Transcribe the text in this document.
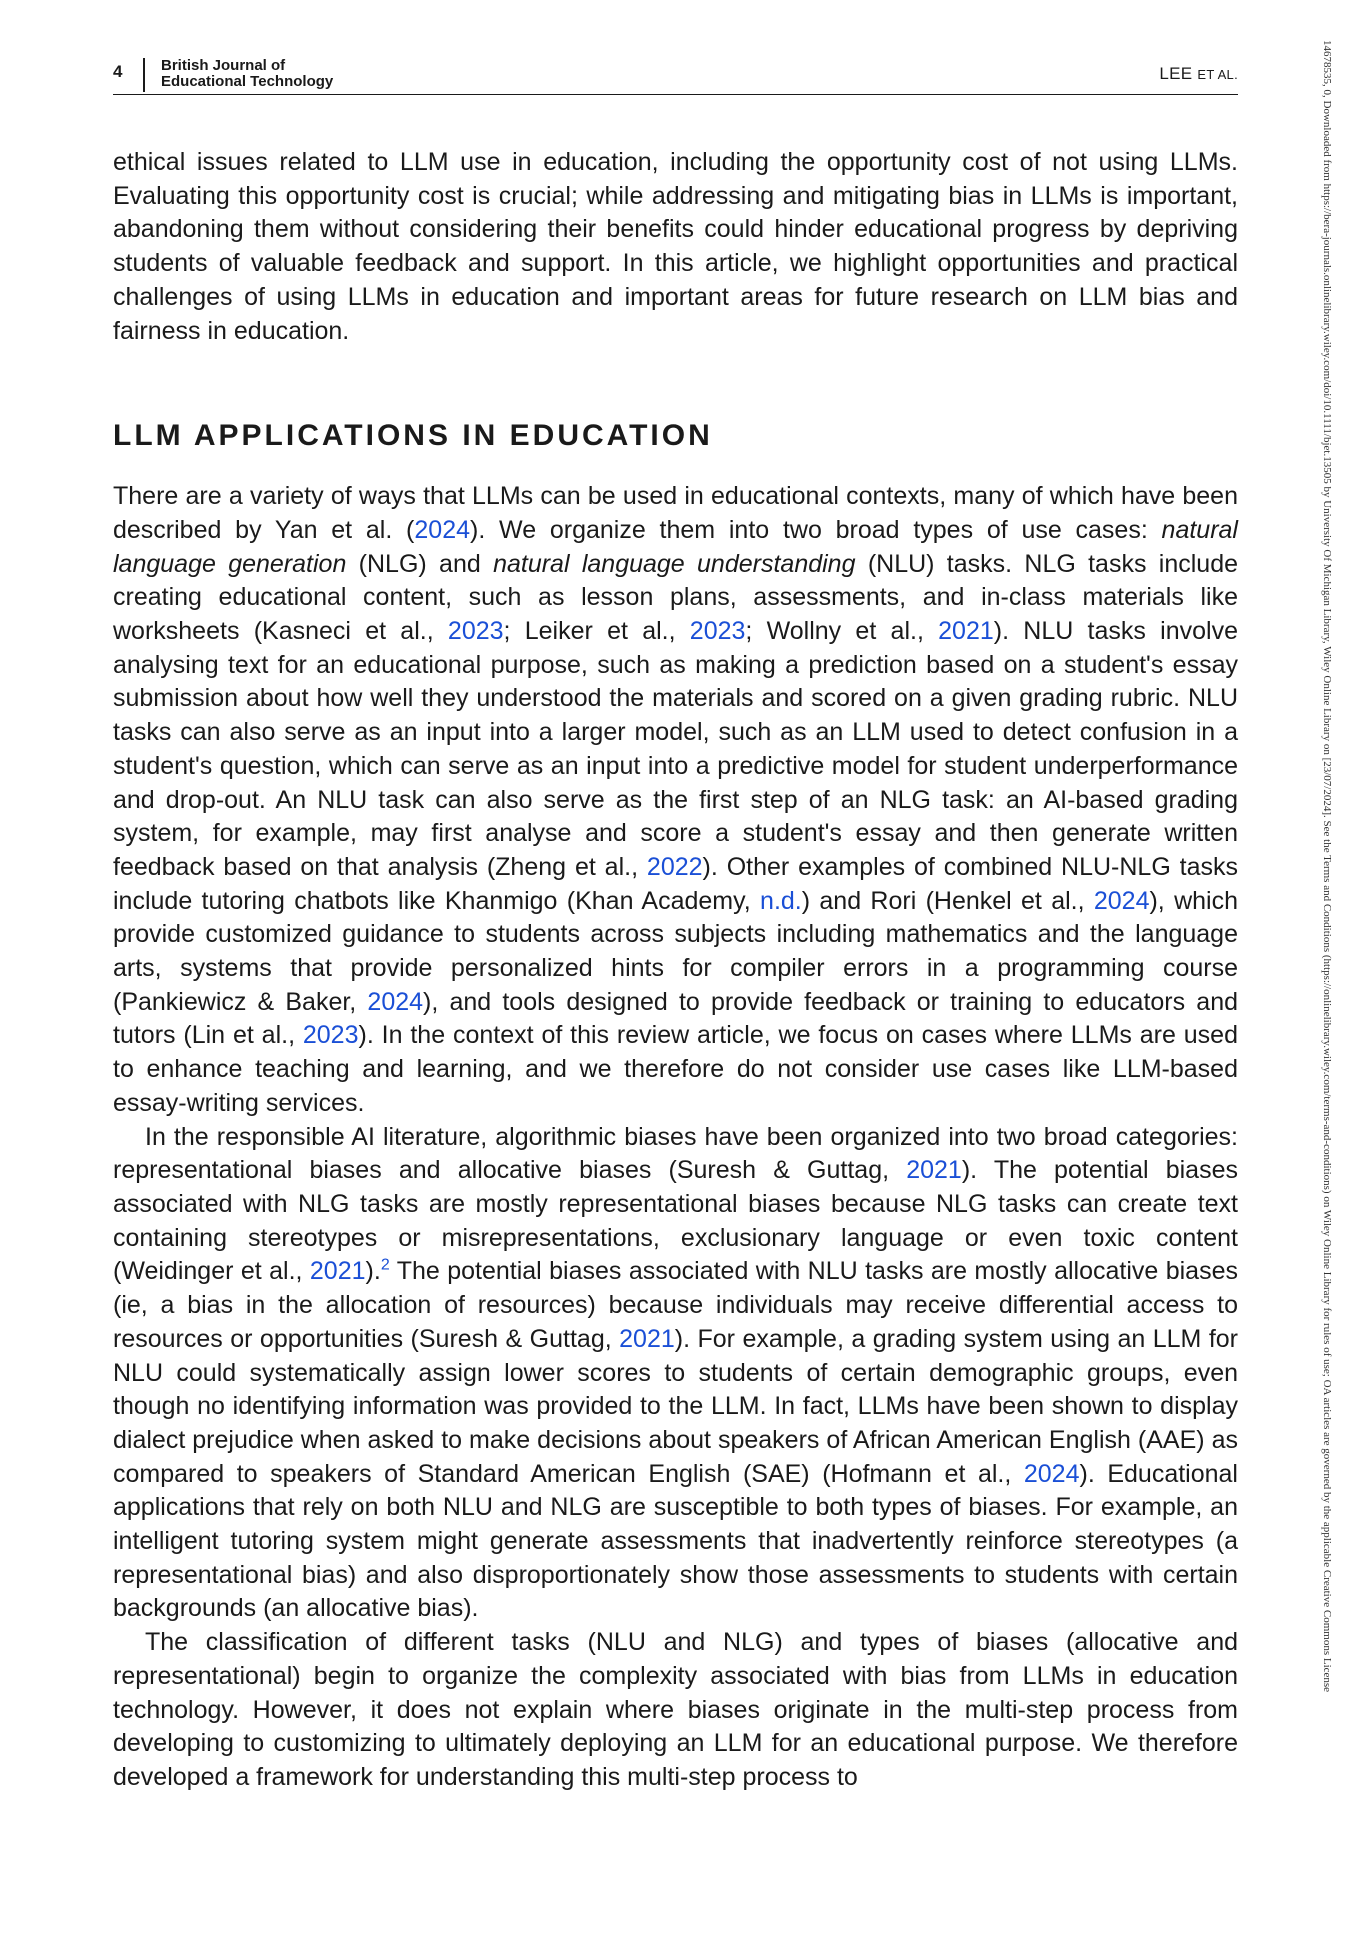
4	British Journal of
Educational Technology	LEE ET AL.	14678535, 0, Downloaded from https://bera-journals.onlinelibrary.wiley.com/doi/10.1111/bjet.13505 by University Of Michigan Library, Wiley Online Library on [23/07/2024]. See the Terms and Conditions (https://onlinelibrary.wiley.com/terms-and-conditions) on Wiley Online Library for rules of use; OA articles are governed by the applicable Creative Commons License

ethical issues related to LLM use in education, including the opportunity cost of not using LLMs. Evaluating this opportunity cost is crucial; while addressing and mitigating bias in LLMs is important, abandoning them without considering their benefits could hinder educational progress by depriving students of valuable feedback and support. In this article, we highlight opportunities and practical challenges of using LLMs in education and important areas for future research on LLM bias and fairness in education.

LLM APPLICATIONS IN EDUCATION

There are a variety of ways that LLMs can be used in educational contexts, many of which have been described by Yan et al. (2024). We organize them into two broad types of use cases: natural language generation (NLG) and natural language understanding (NLU) tasks. NLG tasks include creating educational content, such as lesson plans, assessments, and in-class materials like worksheets (Kasneci et al., 2023; Leiker et al., 2023; Wollny et al., 2021). NLU tasks involve analysing text for an educational purpose, such as making a prediction based on a student's essay submission about how well they understood the materials and scored on a given grading rubric. NLU tasks can also serve as an input into a larger model, such as an LLM used to detect confusion in a student's question, which can serve as an input into a predictive model for student underperformance and drop-out. An NLU task can also serve as the first step of an NLG task: an AI-based grading system, for example, may first analyse and score a student's essay and then generate written feedback based on that analysis (Zheng et al., 2022). Other examples of combined NLU-NLG tasks include tutoring chatbots like Khanmigo (Khan Academy, n.d.) and Rori (Henkel et al., 2024), which provide customized guidance to students across subjects including mathematics and the language arts, systems that provide personalized hints for compiler errors in a programming course (Pankiewicz & Baker, 2024), and tools designed to provide feedback or training to educators and tutors (Lin et al., 2023). In the context of this review article, we focus on cases where LLMs are used to enhance teaching and learning, and we therefore do not consider use cases like LLM-based essay-writing services.

In the responsible AI literature, algorithmic biases have been organized into two broad categories: representational biases and allocative biases (Suresh & Guttag, 2021). The potential biases associated with NLG tasks are mostly representational biases because NLG tasks can create text containing stereotypes or misrepresentations, exclusionary language or even toxic content (Weidinger et al., 2021).$^2$ The potential biases associated with NLU tasks are mostly allocative biases (ie, a bias in the allocation of resources) because individuals may receive differential access to resources or opportunities (Suresh & Guttag, 2021). For example, a grading system using an LLM for NLU could systematically assign lower scores to students of certain demographic groups, even though no identifying information was provided to the LLM. In fact, LLMs have been shown to display dialect prejudice when asked to make decisions about speakers of African American English (AAE) as compared to speakers of Standard American English (SAE) (Hofmann et al., 2024). Educational applications that rely on both NLU and NLG are susceptible to both types of biases. For example, an intelligent tutoring system might generate assessments that inadvertently reinforce stereotypes (a representational bias) and also disproportionately show those assessments to students with certain backgrounds (an allocative bias).

The classification of different tasks (NLU and NLG) and types of biases (allocative and representational) begin to organize the complexity associated with bias from LLMs in education technology. However, it does not explain where biases originate in the multi-step process from developing to customizing to ultimately deploying an LLM for an educational purpose. We therefore developed a framework for understanding this multi-step process to
